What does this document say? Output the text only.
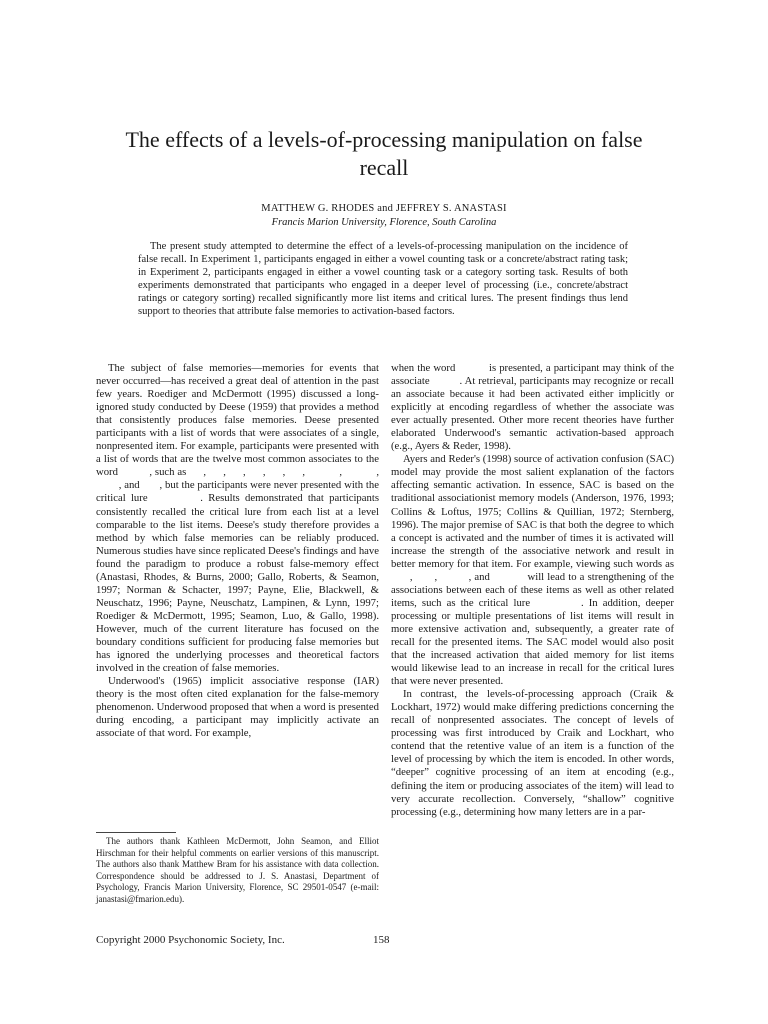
The effects of a levels-of-processing manipulation on false recall
MATTHEW G. RHODES and JEFFREY S. ANASTASI
Francis Marion University, Florence, South Carolina

The present study attempted to determine the effect of a levels-of-processing manipulation on the incidence of false recall. In Experiment 1, participants engaged in either a vowel counting task or a concrete/abstract rating task; in Experiment 2, participants engaged in either a vowel counting task or a category sorting task. Results of both experiments demonstrated that participants who engaged in a deeper level of processing (i.e., concrete/abstract ratings or category sorting) recalled significantly more list items and critical lures. The present findings thus lend support to theories that attribute false memories to activation-based factors.

The subject of false memories—memories for events that never occurred—has received a great deal of attention in the past few years. Roediger and McDermott (1995) discussed a long-ignored study conducted by Deese (1959) that provides a method that consistently produces false memories. Deese presented participants with a list of words that were associates of a single, nonpresented item. For example, participants were presented with a list of words that are the twelve most common associates to the word           , such as      ,      ,      ,      ,      ,      ,            ,            ,         , and       , but the participants were never presented with the critical lure          . Results demonstrated that participants consistently recalled the critical lure from each list at a level comparable to the list items. Deese's study therefore provides a method by which false memories can be reliably produced. Numerous studies have since replicated Deese's findings and have found the paradigm to produce a robust false-memory effect (Anastasi, Rhodes, & Burns, 2000; Gallo, Roberts, & Seamon, 1997; Norman & Schacter, 1997; Payne, Elie, Blackwell, & Neuschatz, 1996; Payne, Neuschatz, Lampinen, & Lynn, 1997; Roediger & McDermott, 1995; Seamon, Luo, & Gallo, 1998). However, much of the current literature has focused on the boundary conditions sufficient for producing false memories but has ignored the underlying processes and theoretical factors involved in the creation of false memories.

Underwood's (1965) implicit associative response (IAR) theory is the most often cited explanation for the false-memory phenomenon. Underwood proposed that when a word is presented during encoding, a participant may implicitly activate an associate of that word. For example,

when the word           is presented, a participant may think of the associate          . At retrieval, participants may recognize or recall an associate because it had been activated either implicitly or explicitly at encoding regardless of whether the associate was ever actually presented. Other more recent theories have further elaborated Underwood's semantic activation-based approach (e.g., Ayers & Reder, 1998).

Ayers and Reder's (1998) source of activation confusion (SAC) model may provide the most salient explanation of the factors affecting semantic activation. In essence, SAC is based on the traditional associationist memory models (Anderson, 1976, 1993; Collins & Loftus, 1975; Collins & Quillian, 1972; Sternberg, 1996). The major premise of SAC is that both the degree to which a concept is activated and the number of times it is activated will increase the strength of the associative network and result in better memory for that item. For example, viewing such words as       ,       ,          , and            will lead to a strengthening of the associations between each of these items as well as other related items, such as the critical lure          . In addition, deeper processing or multiple presentations of list items will result in more extensive activation and, subsequently, a greater rate of recall for the presented items. The SAC model would also posit that the increased activation that aided memory for list items would likewise lead to an increase in recall for the critical lures that were never presented.

In contrast, the levels-of-processing approach (Craik & Lockhart, 1972) would make differing predictions concerning the recall of nonpresented associates. The concept of levels of processing was first introduced by Craik and Lockhart, who contend that the retentive value of an item is a function of the level of processing by which the item is encoded. In other words, “deeper” cognitive processing of an item at encoding (e.g., defining the item or producing associates of the item) will lead to very accurate recollection. Conversely, “shallow” cognitive processing (e.g., determining how many letters are in a par-

The authors thank Kathleen McDermott, John Seamon, and Elliot Hirschman for their helpful comments on earlier versions of this manuscript. The authors also thank Matthew Bram for his assistance with data collection. Correspondence should be addressed to J. S. Anastasi, Department of Psychology, Francis Marion University, Florence, SC 29501-0547 (e-mail: janastasi@fmarion.edu).

Copyright 2000 Psychonomic Society, Inc.	158
